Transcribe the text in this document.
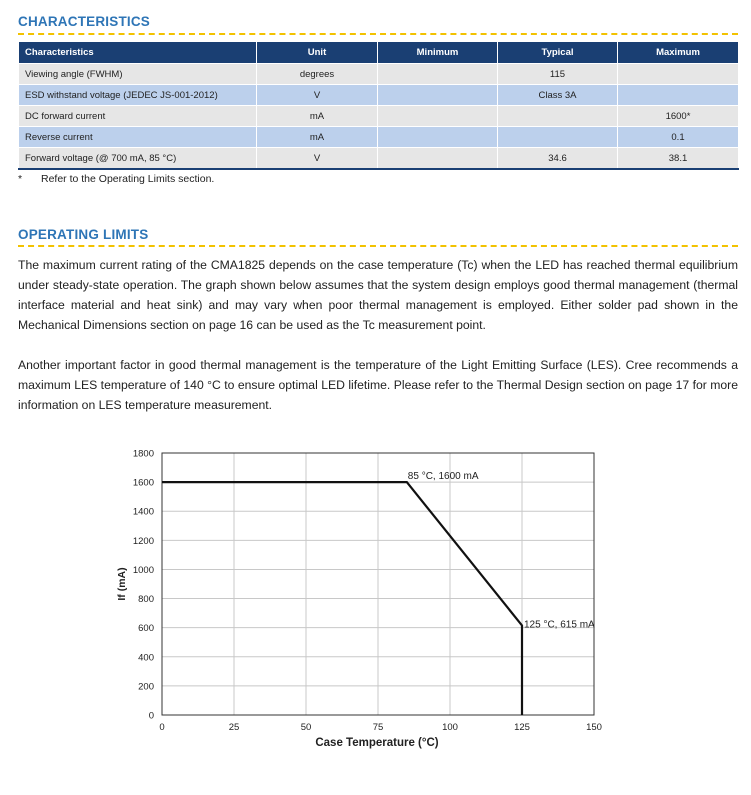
CHARACTERISTICS
Characteristics	Unit	Minimum	Typical	Maximum
Viewing angle (FWHM)	degrees		115	
ESD withstand voltage (JEDEC JS-001-2012)	V		Class 3A	
DC forward current	mA			1600*
Reverse current	mA			0.1
Forward voltage (@ 700 mA, 85 °C)	V		34.6	38.1
* Refer to the Operating Limits section.
OPERATING LIMITS
The maximum current rating of the CMA1825 depends on the case temperature (Tc) when the LED has reached thermal equilibrium under steady-state operation. The graph shown below assumes that the system design employs good thermal management (thermal interface material and heat sink) and may vary when poor thermal management is employed. Either solder pad shown in the Mechanical Dimensions section on page 16 can be used as the Tc measurement point.
Another important factor in good thermal management is the temperature of the Light Emitting Surface (LES). Cree recommends a maximum LES temperature of 140 °C to ensure optimal LED lifetime. Please refer to the Thermal Design section on page 17 for more information on LES temperature measurement.
0	25	50	75	100	125	150
0
200
400
600
800
1000
1200
1400
1600
1800
85 °C, 1600 mA
125 °C, 615 mA
Case Temperature (°C)
If (mA)
